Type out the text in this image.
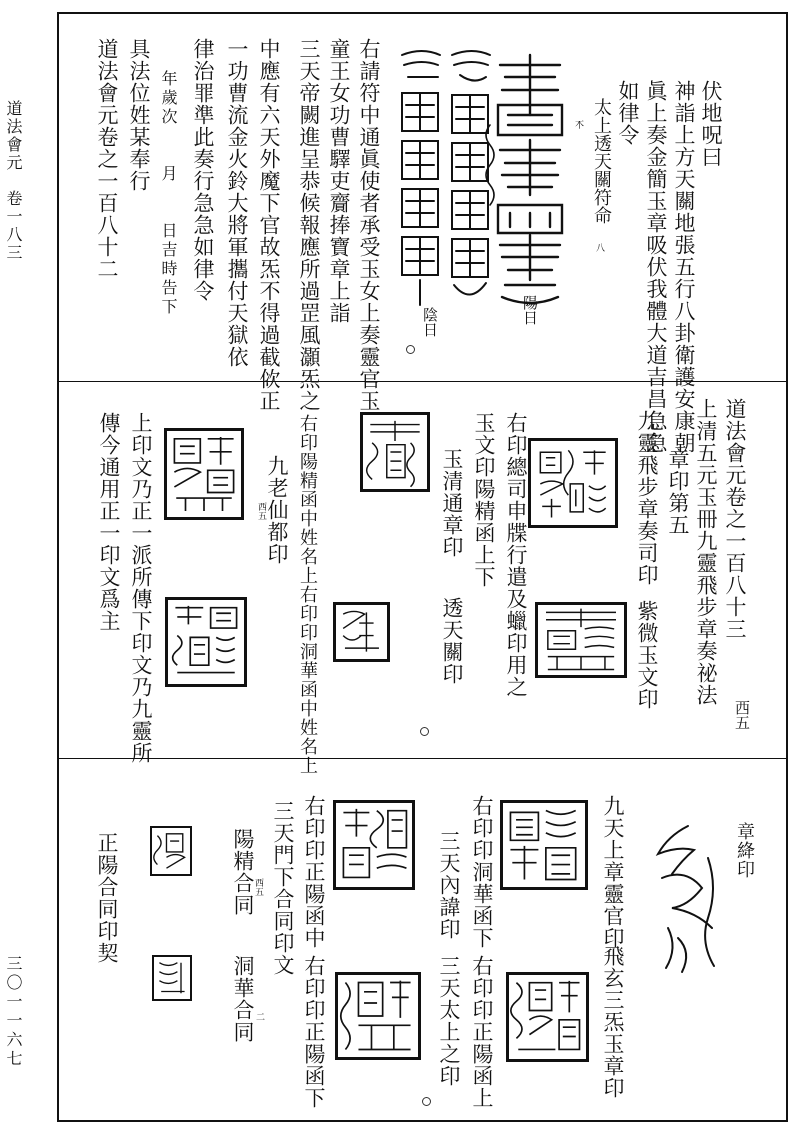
道法會元　卷一八三
三〇一一六七
伏地呪曰
神詣上方天關地張五行八卦衛護安康朝
眞上奏金簡玉章吸伏我體大道吉昌急急
如律令
太上透天關符命
𣎴
八
陽日
陰日
右請符中通眞使者承受玉女上奏靈官玉
童王女功曹驛吏齎捧寶章上詣
三天帝闕進呈恭候報應所過罡風灝炁之
中應有六天外魔下官故炁不得過截佽正
一功曹流金火鈴大將軍攜付天獄依
律治罪準此奏行急急如律令
年歲次　　月　　日吉時告下
具法位姓某奉行
道法會元卷之一百八十二
道法會元卷之一百八十三
上清五元玉冊九靈飛步章奏祕法
章印第五
西五
九靈飛步章奏司印
紫微玉文印
右印總司申牒行遣及蠟印用之
玉文印陽精函上下
玉清通章印
透天關印
右印陽精函中姓名上
右印印洞華函中姓名上
九老仙都印
西五
上印文乃正一派所傳下印文乃九靈所
傳今通用正一印文爲主
章絳印
九天上章靈官印
飛玄三炁玉章印
右印印洞華函下
三天內諱印
右印印正陽函上
三天太上之印
右印印正陽函中
三天門下合同印文
右印印正陽函下
西五
二
陽精合同
洞華合同
正陽合同印契
